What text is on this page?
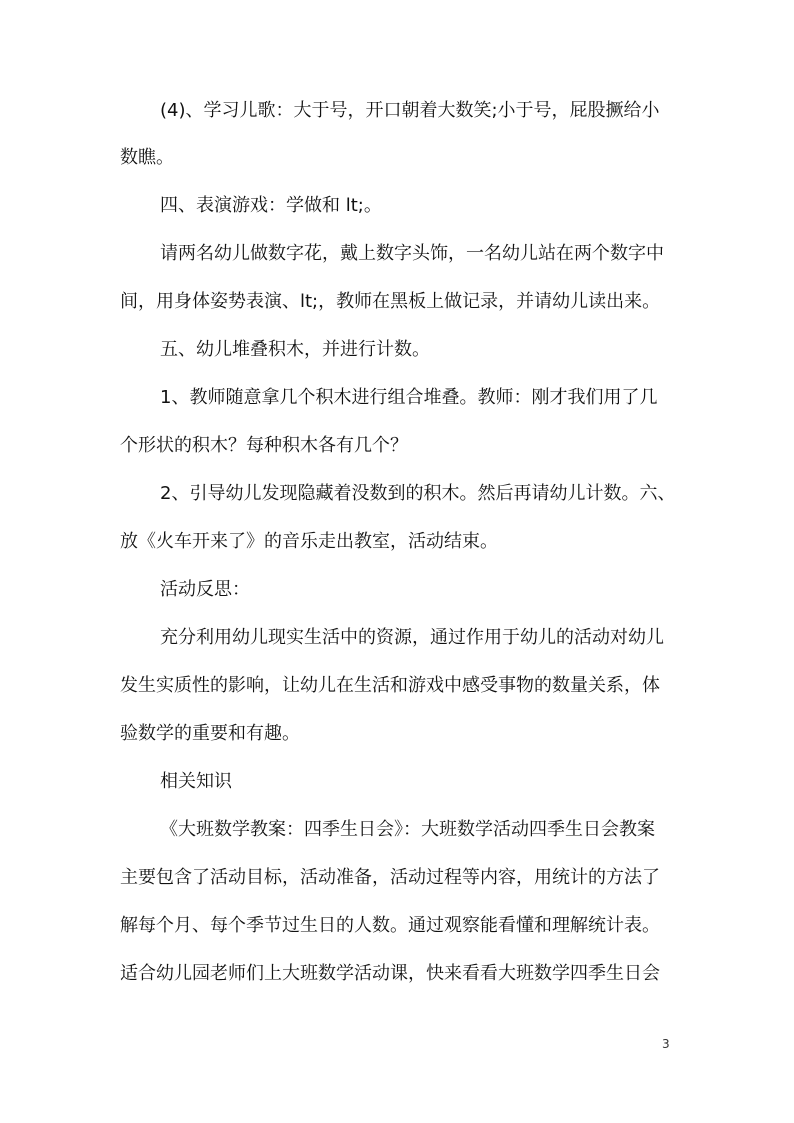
(4)、学习儿歌：大于号，开口朝着大数笑;小于号，屁股撅给小
数瞧。
四、表演游戏：学做和 lt;。
请两名幼儿做数字花，戴上数字头饰，一名幼儿站在两个数字中
间，用身体姿势表演、lt;，教师在黑板上做记录，并请幼儿读出来。
五、幼儿堆叠积木，并进行计数。
1、教师随意拿几个积木进行组合堆叠。教师：刚才我们用了几
个形状的积木？每种积木各有几个？
2、引导幼儿发现隐藏着没数到的积木。然后再请幼儿计数。六、
放《火车开来了》的音乐走出教室，活动结束。
活动反思：
充分利用幼儿现实生活中的资源，通过作用于幼儿的活动对幼儿
发生实质性的影响，让幼儿在生活和游戏中感受事物的数量关系，体
验数学的重要和有趣。
相关知识
《大班数学教案：四季生日会》：大班数学活动四季生日会教案
主要包含了活动目标，活动准备，活动过程等内容，用统计的方法了
解每个月、每个季节过生日的人数。通过观察能看懂和理解统计表。
适合幼儿园老师们上大班数学活动课，快来看看大班数学四季生日会
3
